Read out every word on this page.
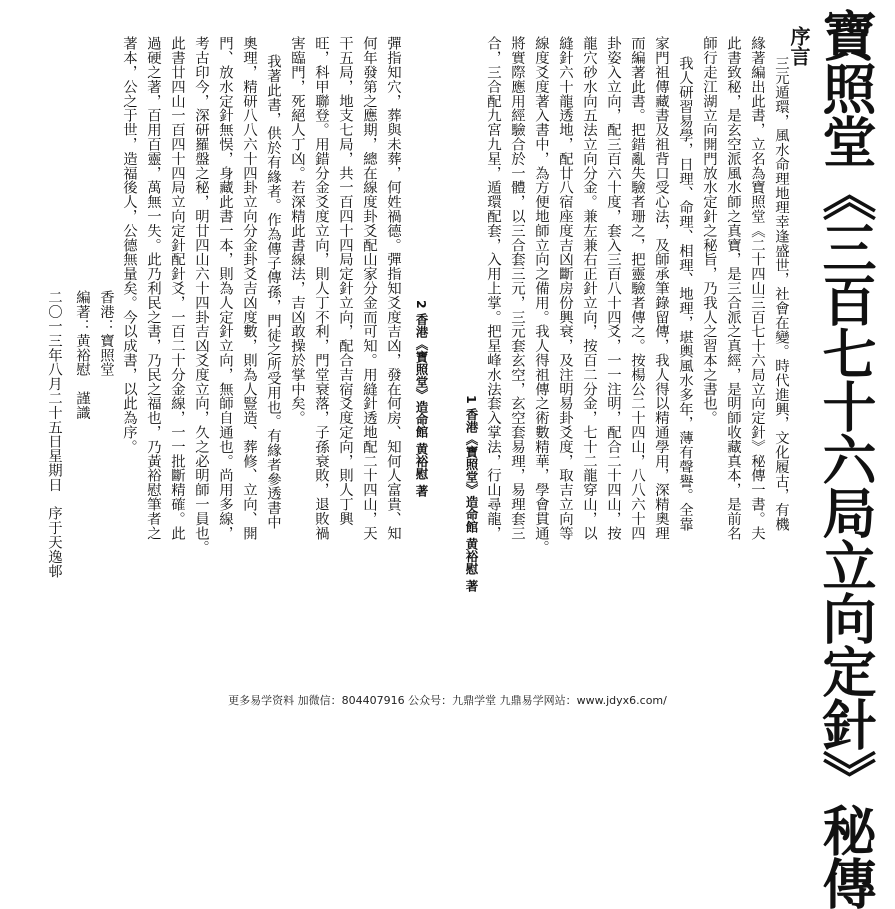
寶照堂《三百七十六局立向定針》秘傳
序言
三元遁環，風水命理地理幸逢盛世，社會在變。時代進興，文化履古，有機
緣著編出此書，立名為寶照堂《二十四山三百七十六局立向定針》秘傳一書。夫
此書致秘，是玄空派風水師之真寶，是三合派之真經，是明師收藏真本，是前名
師行走江湖立向開門放水定針之秘旨，乃我人之習本之書也。
我人研習易學，日理、命理、相理、地理，堪輿風水多年，薄有聲譽。全靠
家門祖傳藏書及祖背口受心法，及師承筆錄留傳，我人得以精通學用，深精奧理
而編著此書。把錯亂失驗者珊之，把靈驗者傳之。按楊公二十四山，八八六十四
卦姿入立向，配三百六十度，套入三百八十四爻，一一注明，配合二十四山，按
龍穴砂水向五法立向分金。兼左兼右正針立向，按百二分金，七十二龍穿山，以
縫針六十龍透地，配廿八宿座度吉凶斷房份興衰，及注明易卦爻度，取吉立向等
線度爻度著入書中，為方便地師立向之備用。我人得祖傳之術數精華，學會貫通。
將實際應用經驗合於一體，以三合套三元，三元套玄空，玄空套易理，易理套三
合，三合配九宮九星，遁環配套，入用上掌。把星峰水法套入掌法，行山尋龍，
1 香港《寶照堂》造命館 黄裕慰 著
2 香港《寶照堂》造命館 黄裕慰 著
彈指知穴，葬與未葬，何姓禍德。彈指知爻度吉凶，發在何房、知何人富貴、知
何年發第之應期，總在線度卦爻配山家分金而可知。用縫針透地配二十四山，天
干五局，地支七局，共一百四十四局定針立向，配合吉宿爻度定向，則人丁興
旺，科甲聯登。用錯分金爻度立向，則人丁不利，門堂衰落，子孫衰敗，退敗禍
害臨門，死絕人丁凶。若深精此書線法，吉凶敢操於掌中矣。
我著此書，供於有緣者。作為傳子傳孫，門徒之所受用也。有緣者參透書中
奧理，精研八八六十四卦立向分金卦爻吉凶度數，則為人豎造、葬修、立向、開
門、放水定針無悮，身藏此書一本，則為人定針立向，無師自通也。尚用多線，
考古印今，深研羅盤之秘，明廿四山六十四卦吉凶爻度立向，久之必明師一員也。
此書廿四山一百四十四局立向定針配針爻，一百二十分金線，一一批斷精確。此
過硬之著，百用百靈，萬無一失。此乃利民之書，乃民之福也，乃黃裕慰筆者之
著本，公之于世，造福後人，公德無量矣。今以成書，以此為序。
香港：寶照堂
編著：黄裕慰　謹識
二〇一三年八月二十五日星期日　序于天逸邨
更多易学资料 加微信：804407916 公众号：九鼎学堂 九鼎易学网站：www.jdyx6.com/
